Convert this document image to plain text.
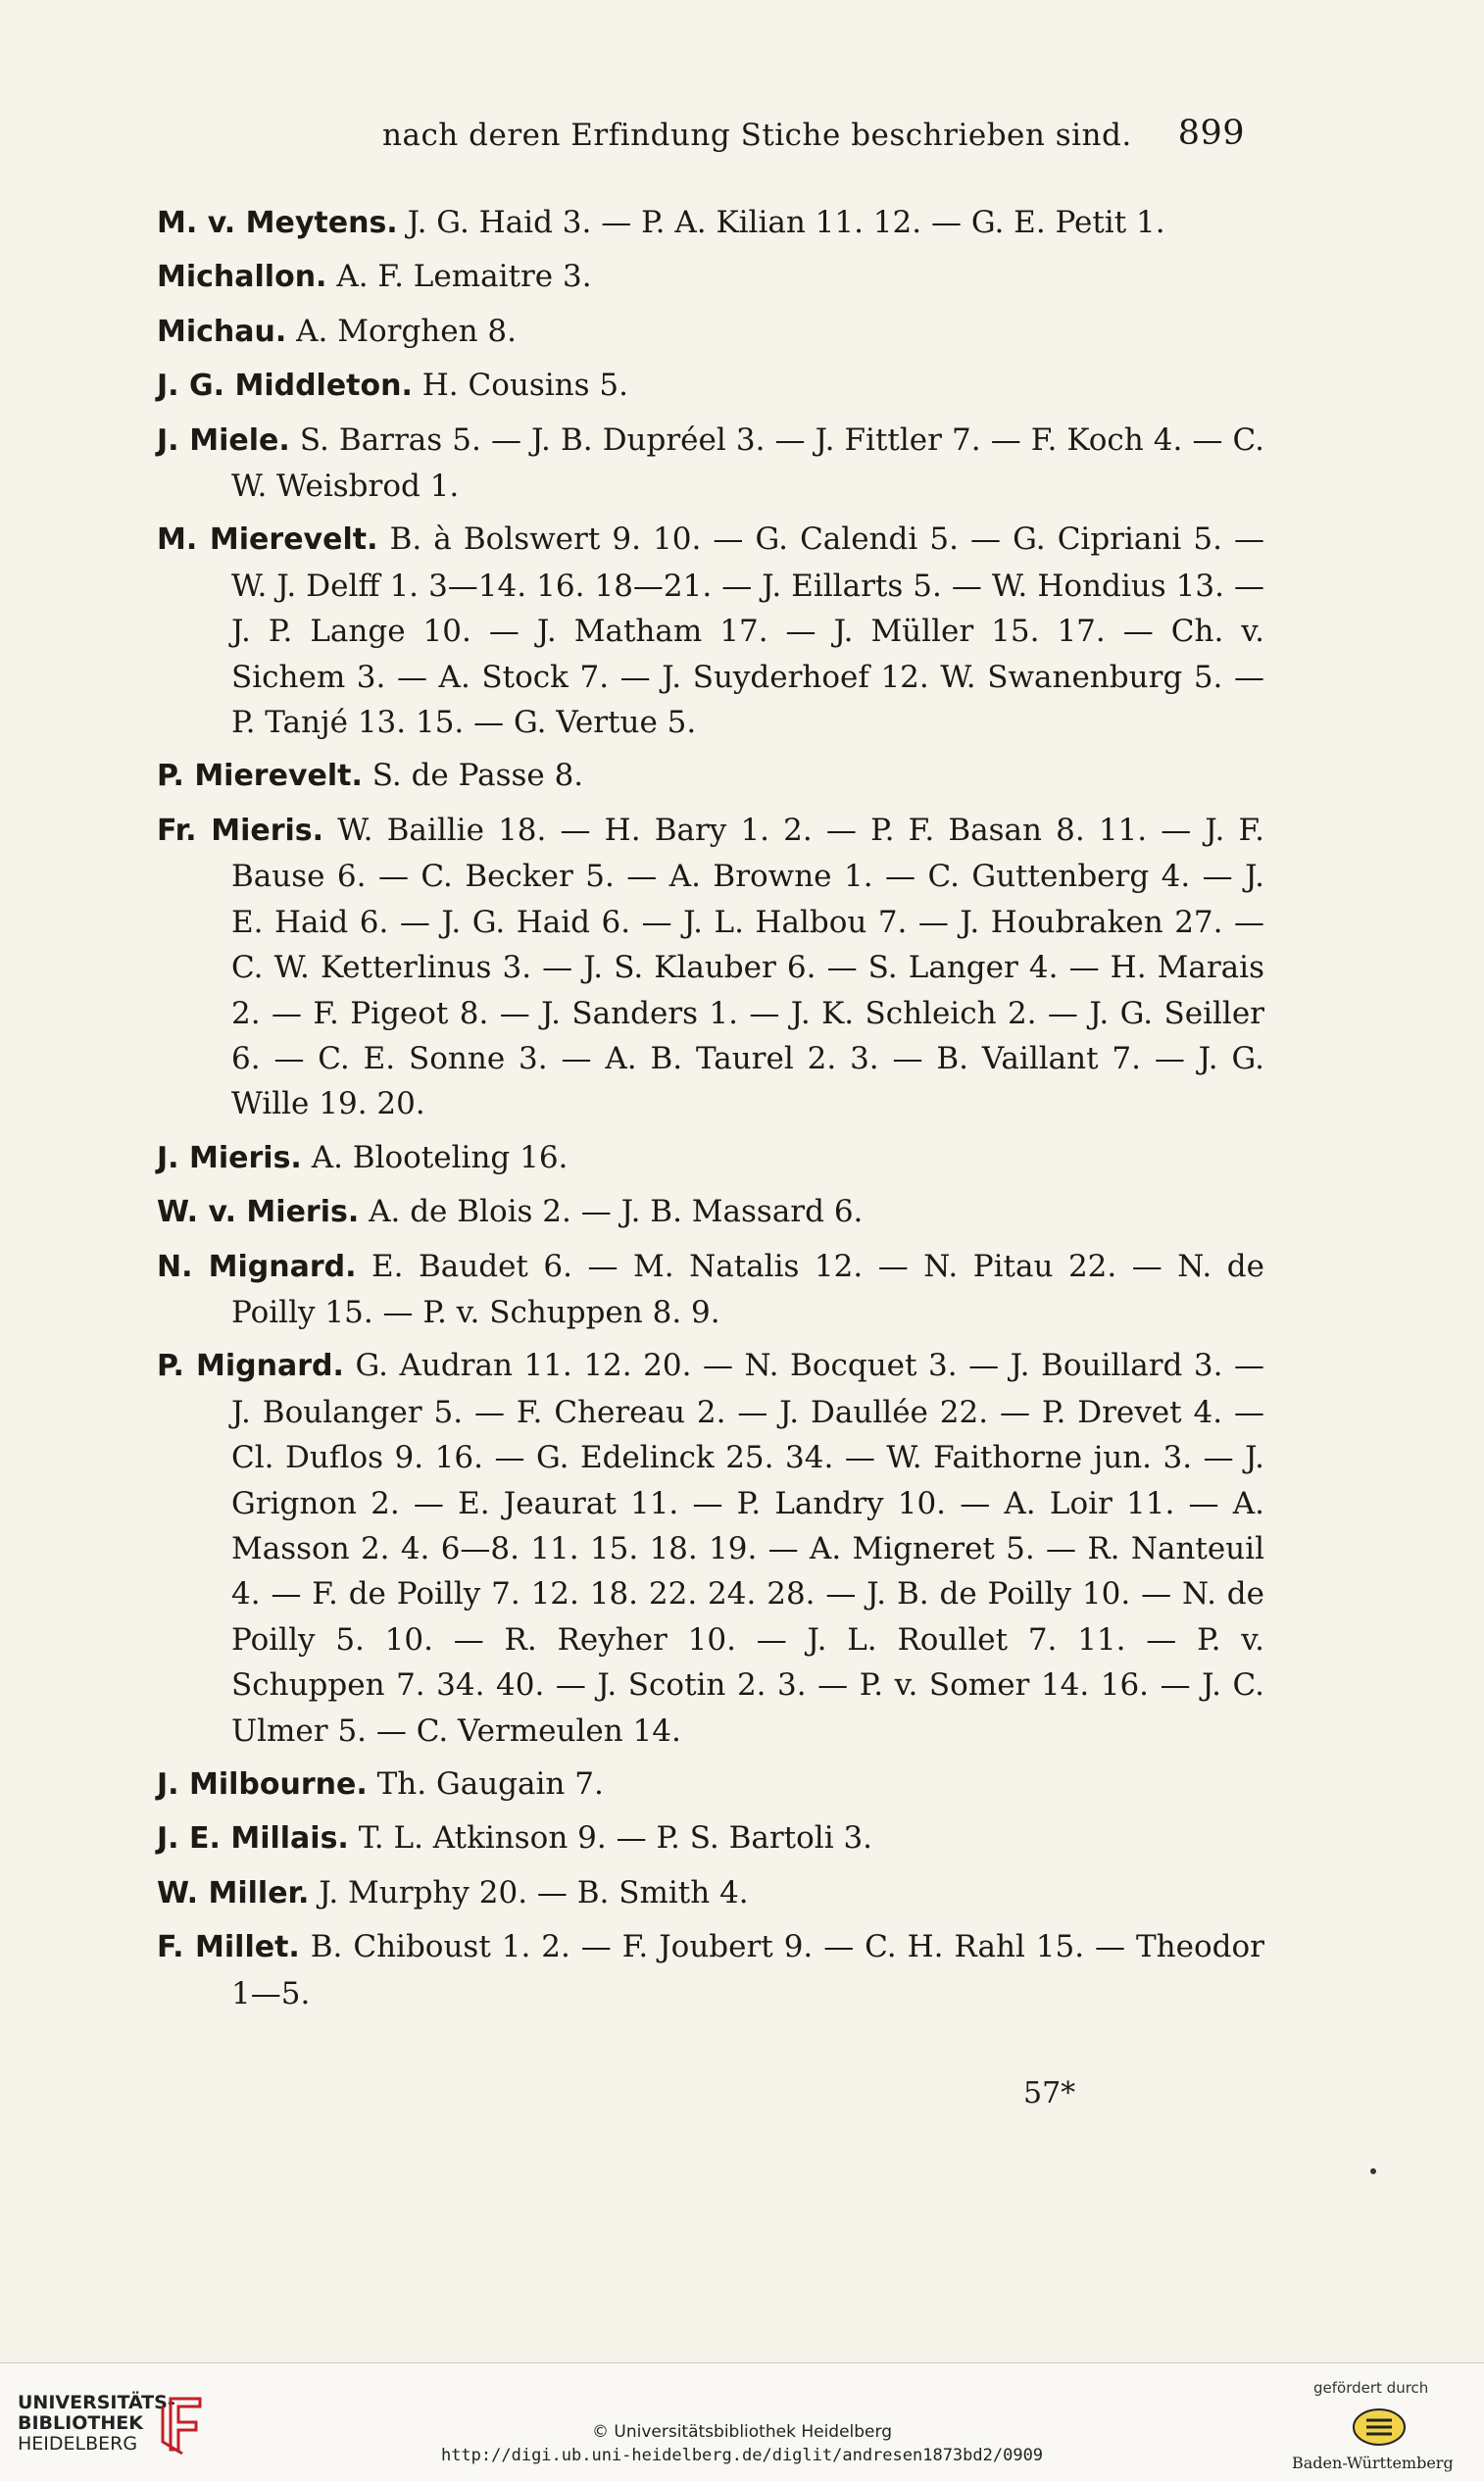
nach deren Erfindung Stiche beschrieben sind. 899

M. v. Meytens. J. G. Haid 3. — P. A. Kilian 11. 12. — G. E. Petit 1.

Michallon. A. F. Lemaitre 3.

Michau. A. Morghen 8.

J. G. Middleton. H. Cousins 5.

J. Miele. S. Barras 5. — J. B. Dupréel 3. — J. Fittler 7. — F. Koch 4. — C. W. Weisbrod 1.

M. Mierevelt. B. à Bolswert 9. 10. — G. Calendi 5. — G. Cipriani 5. — W. J. Delff 1. 3—14. 16. 18—21. — J. Eillarts 5. — W. Hondius 13. — J. P. Lange 10. — J. Matham 17. — J. Müller 15. 17. — Ch. v. Sichem 3. — A. Stock 7. — J. Suyderhoef 12. W. Swanenburg 5. — P. Tanjé 13. 15. — G. Vertue 5.

P. Mierevelt. S. de Passe 8.

Fr. Mieris. W. Baillie 18. — H. Bary 1. 2. — P. F. Basan 8. 11. — J. F. Bause 6. — C. Becker 5. — A. Browne 1. — C. Guttenberg 4. — J. E. Haid 6. — J. G. Haid 6. — J. L. Halbou 7. — J. Houbraken 27. — C. W. Ketterlinus 3. — J. S. Klauber 6. — S. Langer 4. — H. Marais 2. — F. Pigeot 8. — J. Sanders 1. — J. K. Schleich 2. — J. G. Seiller 6. — C. E. Sonne 3. — A. B. Taurel 2. 3. — B. Vaillant 7. — J. G. Wille 19. 20.

J. Mieris. A. Blooteling 16.

W. v. Mieris. A. de Blois 2. — J. B. Massard 6.

N. Mignard. E. Baudet 6. — M. Natalis 12. — N. Pitau 22. — N. de Poilly 15. — P. v. Schuppen 8. 9.

P. Mignard. G. Audran 11. 12. 20. — N. Bocquet 3. — J. Bouillard 3. — J. Boulanger 5. — F. Chereau 2. — J. Daullée 22. — P. Drevet 4. — Cl. Duflos 9. 16. — G. Edelinck 25. 34. — W. Faithorne jun. 3. — J. Grignon 2. — E. Jeaurat 11. — P. Landry 10. — A. Loir 11. — A. Masson 2. 4. 6—8. 11. 15. 18. 19. — A. Migneret 5. — R. Nanteuil 4. — F. de Poilly 7. 12. 18. 22. 24. 28. — J. B. de Poilly 10. — N. de Poilly 5. 10. — R. Reyher 10. — J. L. Roullet 7. 11. — P. v. Schuppen 7. 34. 40. — J. Scotin 2. 3. — P. v. Somer 14. 16. — J. C. Ulmer 5. — C. Vermeulen 14.

J. Milbourne. Th. Gaugain 7.

J. E. Millais. T. L. Atkinson 9. — P. S. Bartoli 3.

W. Miller. J. Murphy 20. — B. Smith 4.

F. Millet. B. Chiboust 1. 2. — F. Joubert 9. — C. H. Rahl 15. — Theodor 1—5.

57*
UNIVERSITÄTS-
BIBLIOTHEK
HEIDELBERG
© Universitätsbibliothek Heidelberg
http://digi.ub.uni-heidelberg.de/diglit/andresen1873bd2/0909
gefördert durch
Baden-Württemberg
